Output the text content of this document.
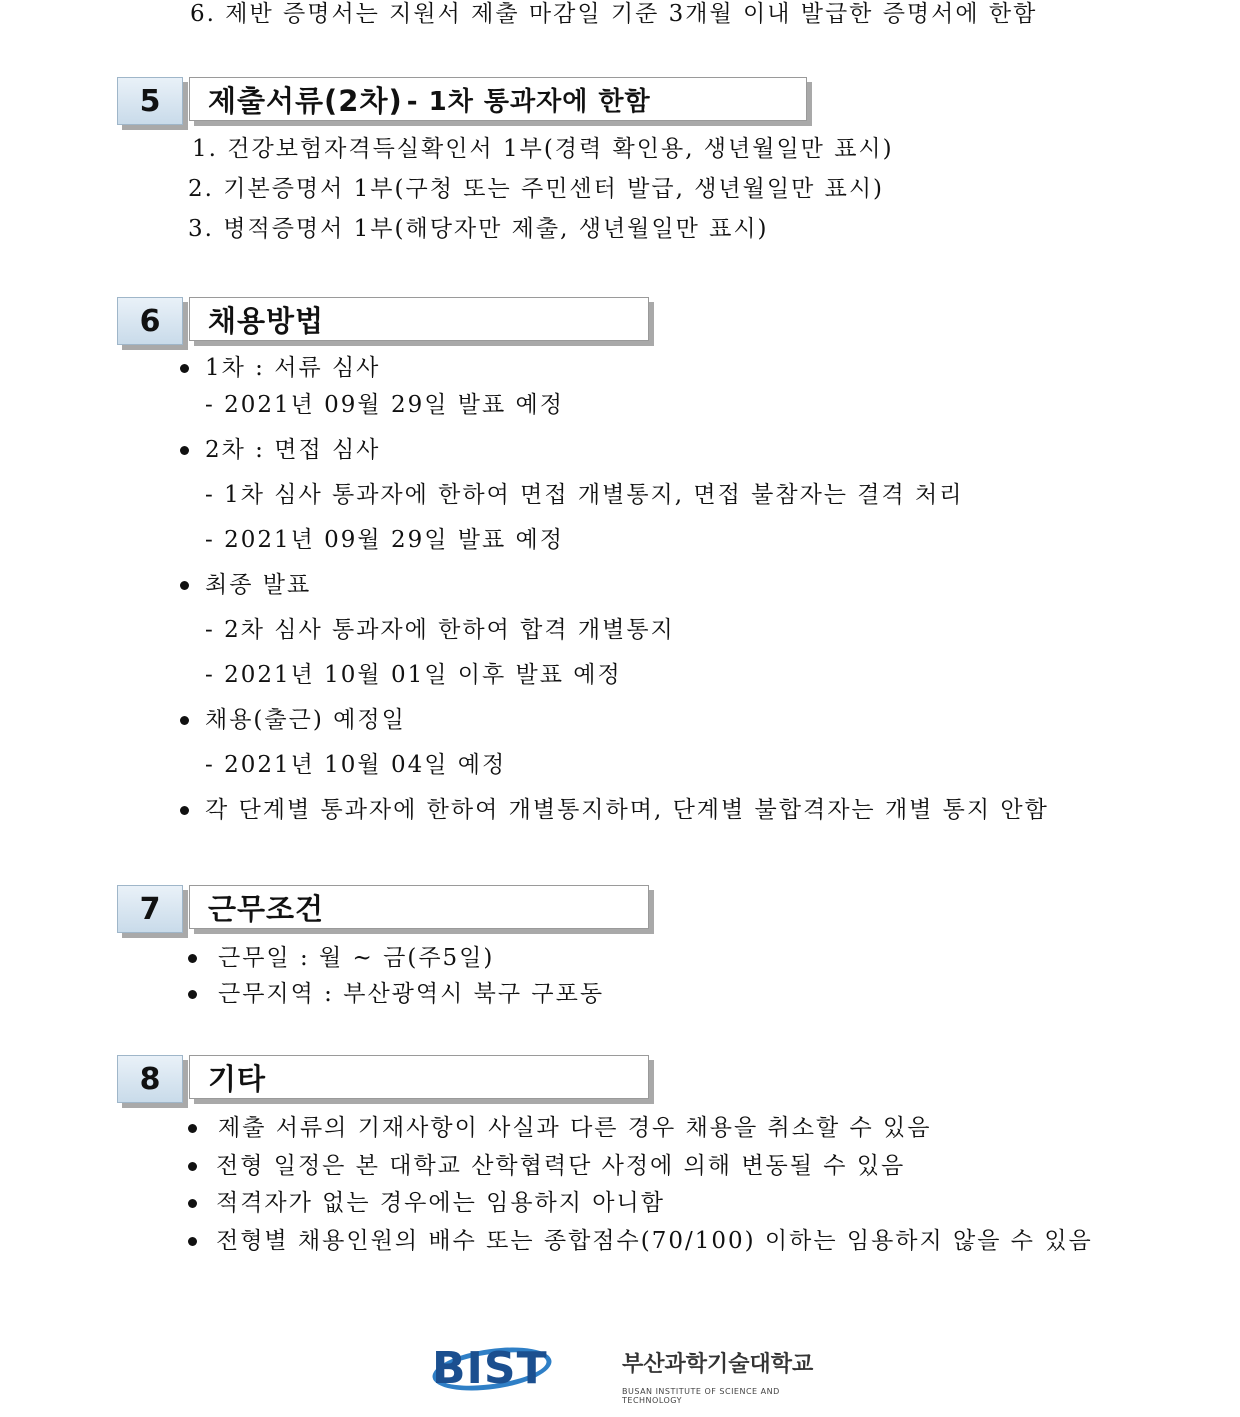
6. 제반 증명서는 지원서 제출 마감일 기준 3개월 이내 발급한 증명서에 한함
5	제출서류(2차) - 1차 통과자에 한함
1. 건강보험자격득실확인서 1부(경력 확인용, 생년월일만 표시)
2. 기본증명서 1부(구청 또는 주민센터 발급, 생년월일만 표시)
3. 병적증명서 1부(해당자만 제출, 생년월일만 표시)
6	채용방법
1차 : 서류 심사
- 2021년 09월 29일 발표 예정
2차 : 면접 심사
- 1차 심사 통과자에 한하여 면접 개별통지, 면접 불참자는 결격 처리
- 2021년 09월 29일 발표 예정
최종 발표
- 2차 심사 통과자에 한하여 합격 개별통지
- 2021년 10월 01일 이후 발표 예정
채용(출근) 예정일
- 2021년 10월 04일 예정
각 단계별 통과자에 한하여 개별통지하며, 단계별 불합격자는 개별 통지 안함
7	근무조건
근무일 : 월 ~ 금(주5일)
근무지역 : 부산광역시 북구 구포동
8	기타
제출 서류의 기재사항이 사실과 다른 경우 채용을 취소할 수 있음
전형 일정은 본 대학교 산학협력단 사정에 의해 변동될 수 있음
적격자가 없는 경우에는 임용하지 아니함
전형별 채용인원의 배수 또는 종합점수(70/100) 이하는 임용하지 않을 수 있음
BIST	부산과학기술대학교
BUSAN INSTITUTE OF SCIENCE AND TECHNOLOGY
